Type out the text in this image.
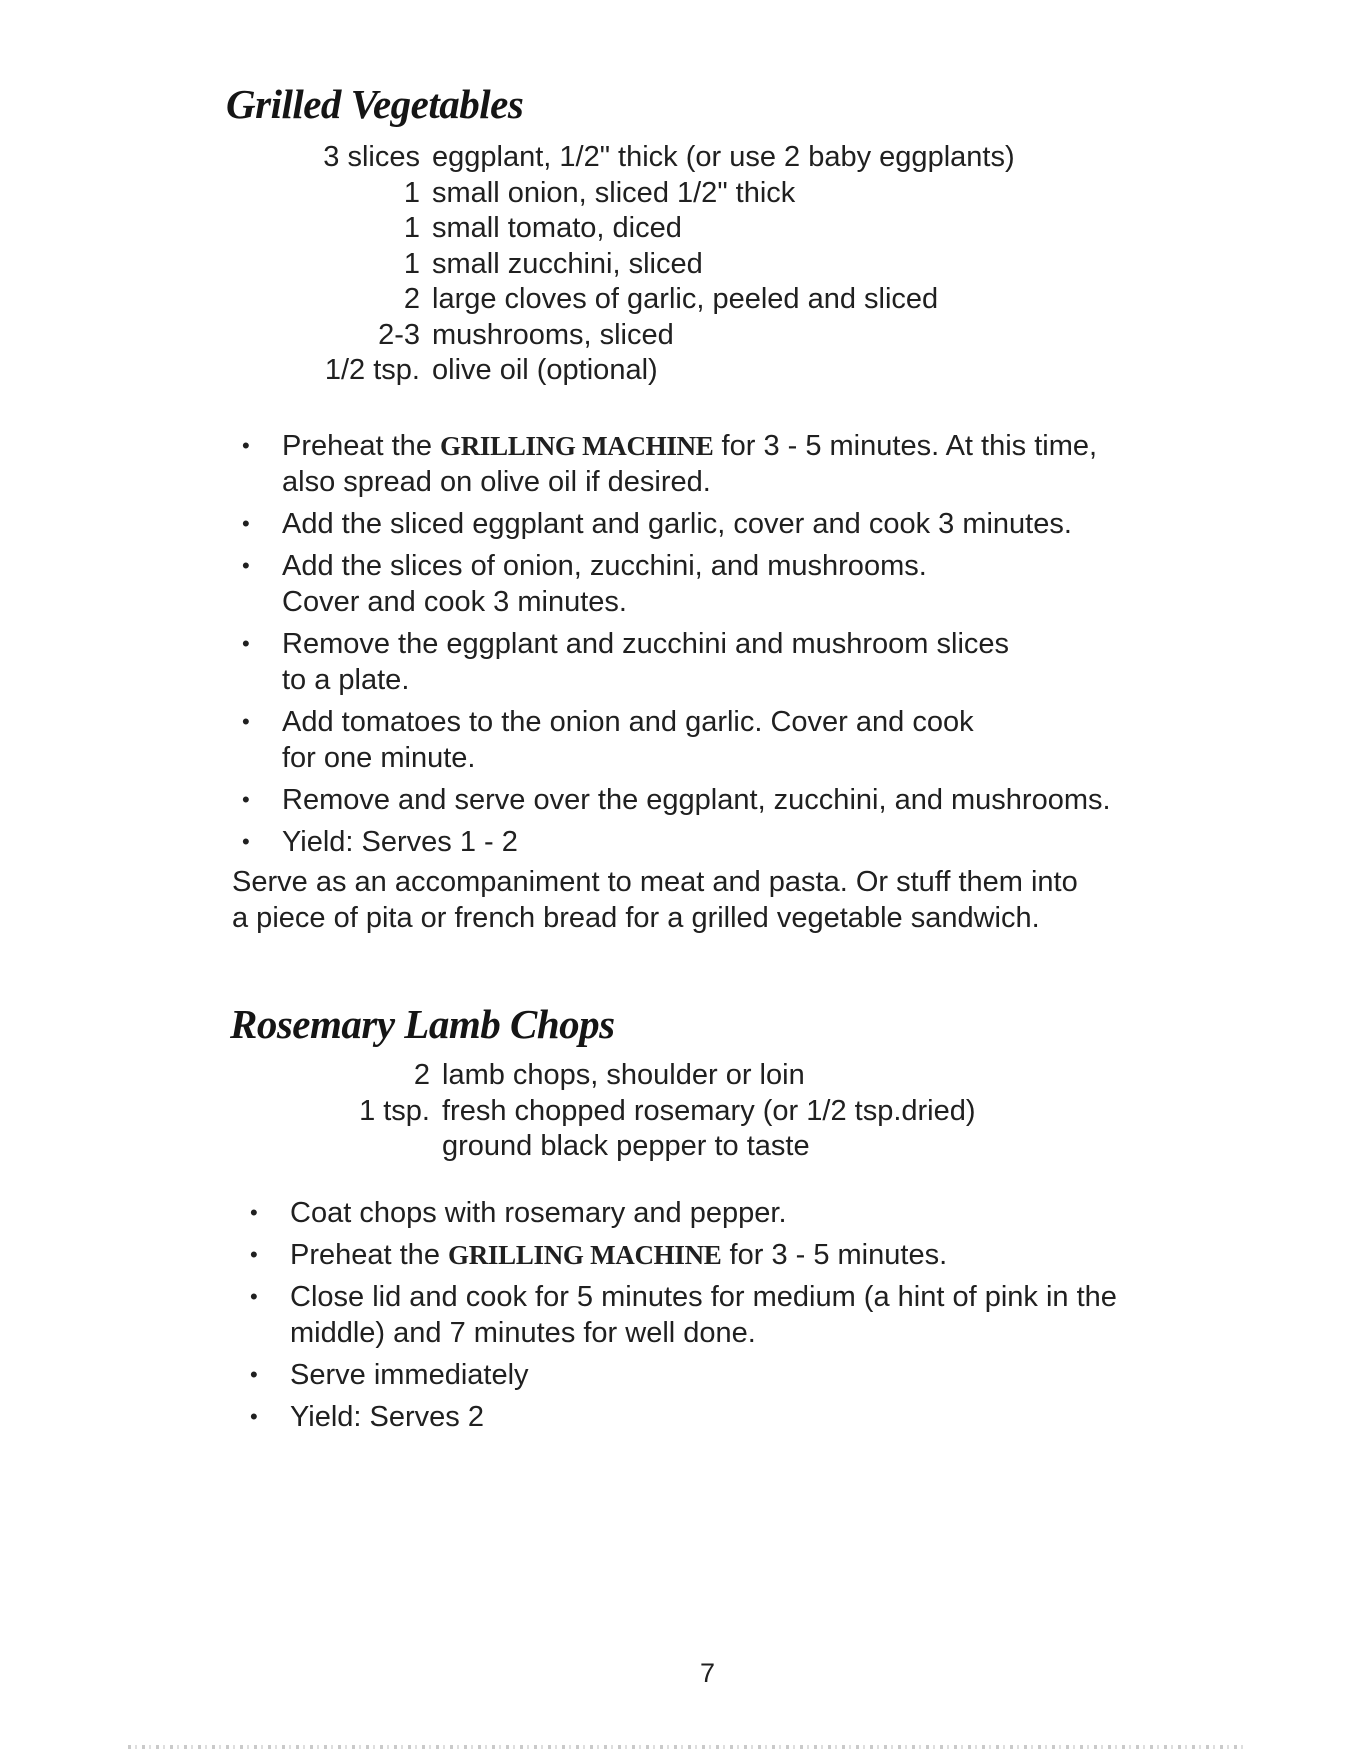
Grilled Vegetables
3 slices	eggplant, 1/2" thick (or use 2 baby eggplants)
1	small onion, sliced 1/2" thick
1	small tomato, diced
1	small zucchini, sliced
2	large cloves of garlic, peeled and sliced
2-3	mushrooms, sliced
1/2 tsp.	olive oil (optional)
•	Preheat the GRILLING MACHINE for 3 - 5 minutes. At this time,
also spread on olive oil if desired.
•	Add the sliced eggplant and garlic, cover and cook 3 minutes.
•	Add the slices of onion, zucchini, and mushrooms.
Cover and cook 3 minutes.
•	Remove the eggplant and zucchini and mushroom slices
to a plate.
•	Add tomatoes to the onion and garlic. Cover and cook
for one minute.
•	Remove and serve over the eggplant, zucchini, and mushrooms.
•	Yield: Serves 1 - 2

Serve as an accompaniment to meat and pasta. Or stuff them into
a piece of pita or french bread for a grilled vegetable sandwich.

Rosemary Lamb Chops
2	lamb chops, shoulder or loin
1 tsp.	fresh chopped rosemary (or 1/2 tsp.dried)
	ground black pepper to taste
•	Coat chops with rosemary and pepper.
•	Preheat the GRILLING MACHINE for 3 - 5 minutes.
•	Close lid and cook for 5 minutes for medium (a hint of pink in the
middle) and 7 minutes for well done.
•	Serve immediately
•	Yield: Serves 2
7
